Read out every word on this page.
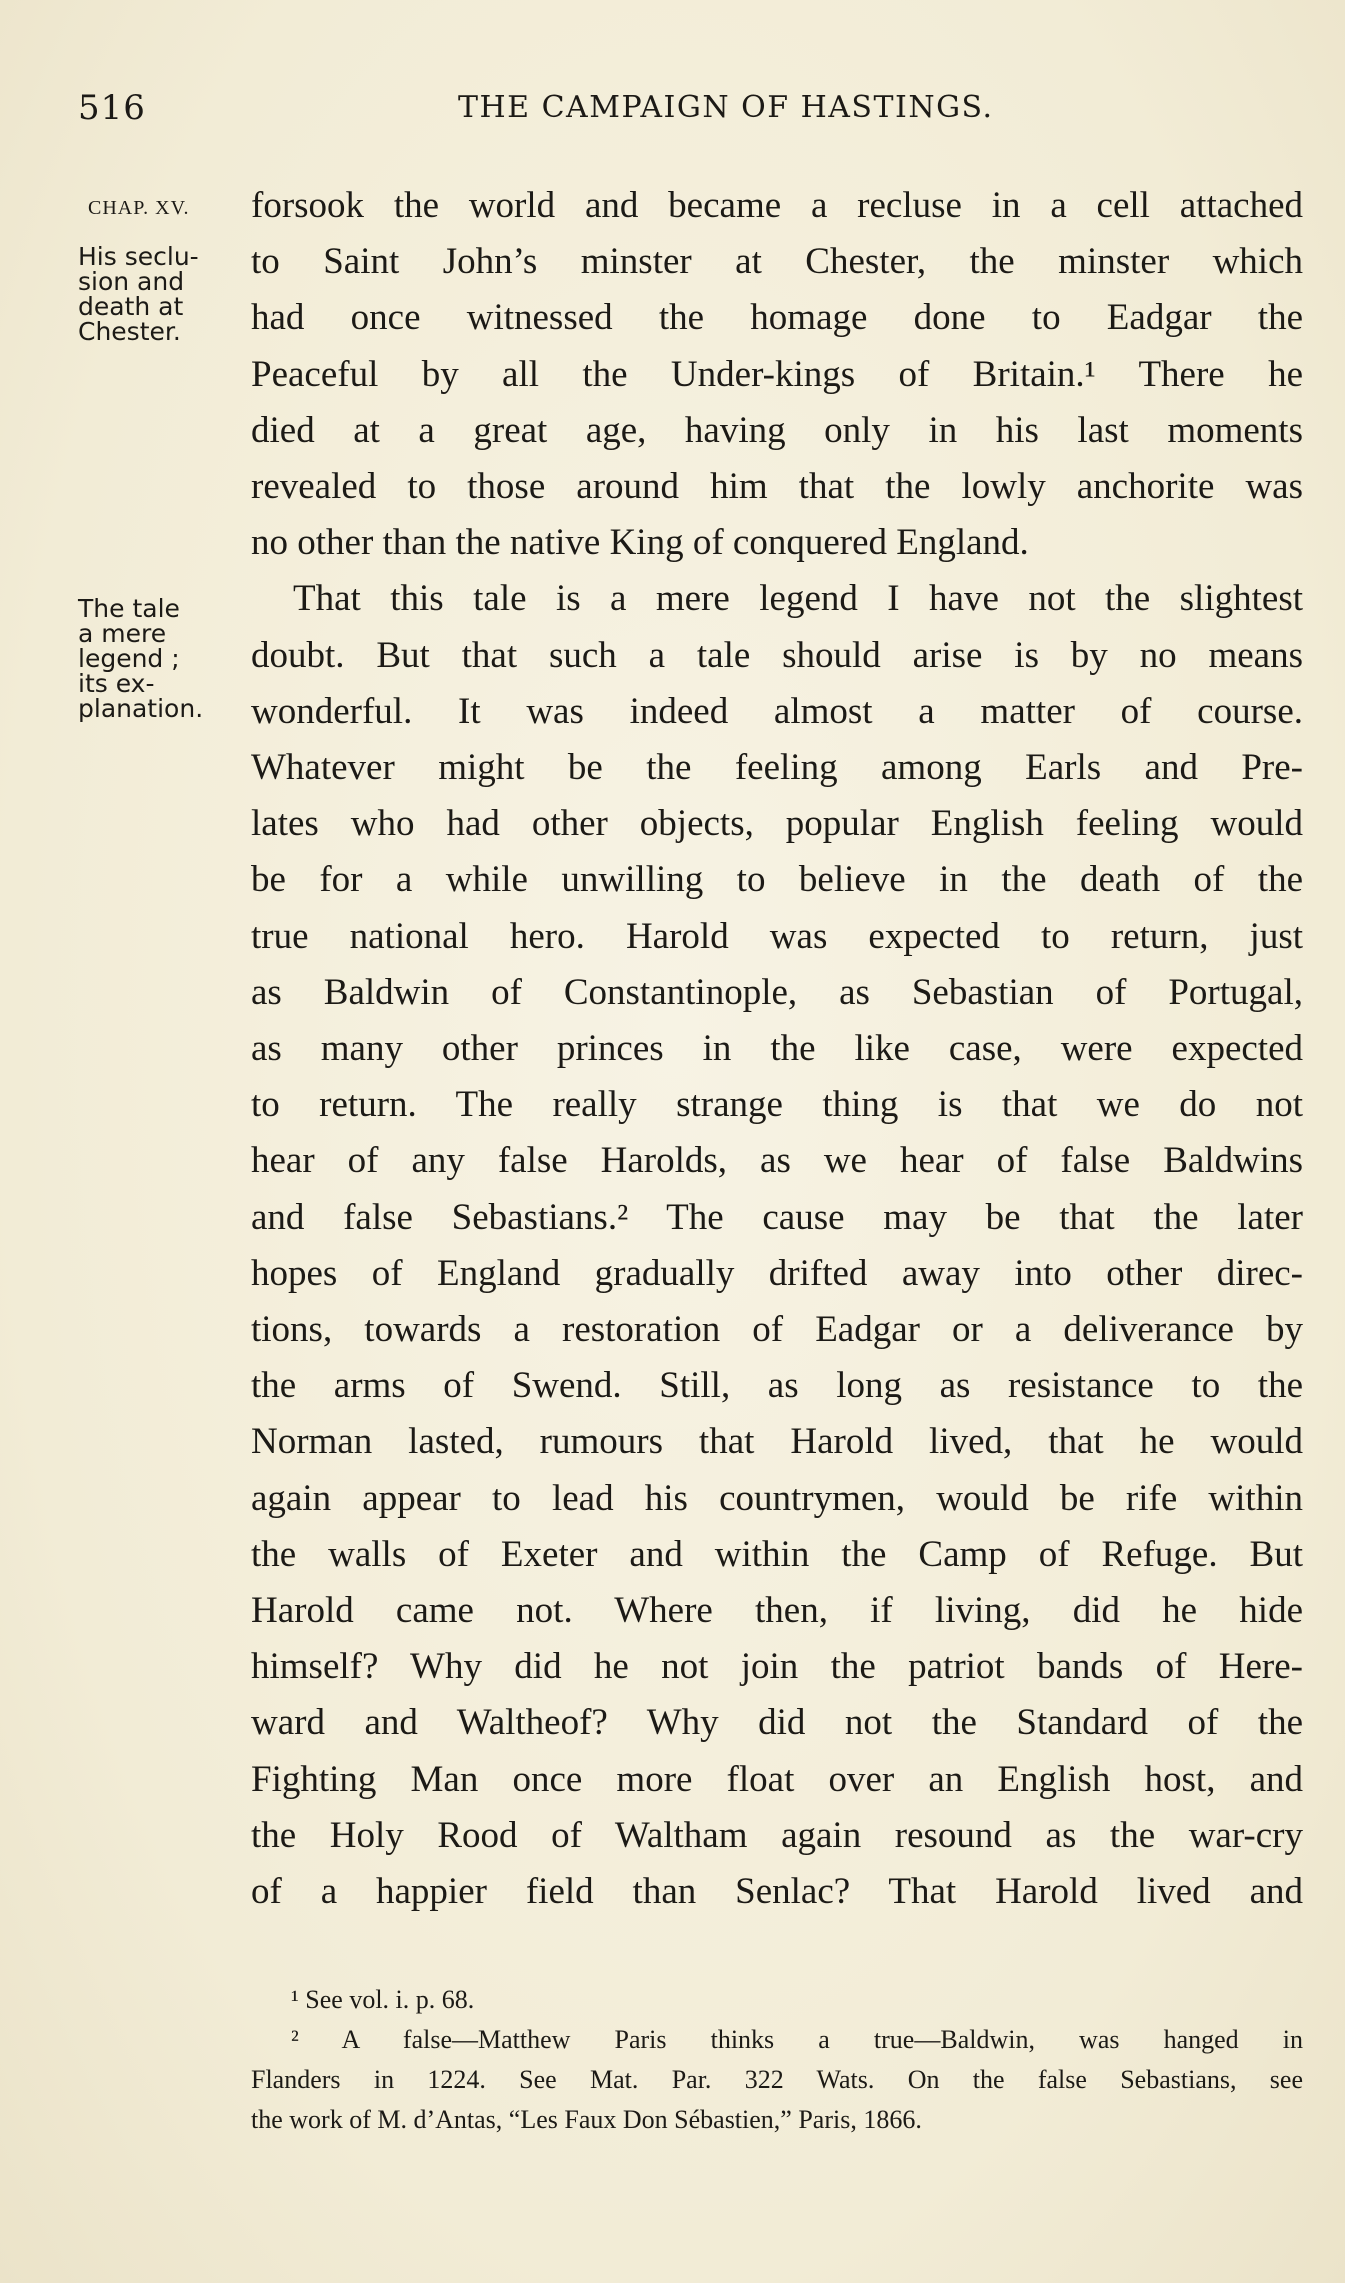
516	THE CAMPAIGN OF HASTINGS.
CHAP. XV.
His seclu-
sion and
death at
Chester.
The tale
a mere
legend ;
its ex-
planation.
forsook the world and became a recluse in a cell attached
to Saint John’s minster at Chester, the minster which
had once witnessed the homage done to Eadgar the
Peaceful by all the Under-kings of Britain.¹ There he
died at a great age, having only in his last moments
revealed to those around him that the lowly anchorite was
no other than the native King of conquered England.
That this tale is a mere legend I have not the slightest
doubt. But that such a tale should arise is by no means
wonderful. It was indeed almost a matter of course.
Whatever might be the feeling among Earls and Pre-
lates who had other objects, popular English feeling would
be for a while unwilling to believe in the death of the
true national hero. Harold was expected to return, just
as Baldwin of Constantinople, as Sebastian of Portugal,
as many other princes in the like case, were expected
to return. The really strange thing is that we do not
hear of any false Harolds, as we hear of false Baldwins
and false Sebastians.² The cause may be that the later
hopes of England gradually drifted away into other direc-
tions, towards a restoration of Eadgar or a deliverance by
the arms of Swend. Still, as long as resistance to the
Norman lasted, rumours that Harold lived, that he would
again appear to lead his countrymen, would be rife within
the walls of Exeter and within the Camp of Refuge. But
Harold came not. Where then, if living, did he hide
himself? Why did he not join the patriot bands of Here-
ward and Waltheof? Why did not the Standard of the
Fighting Man once more float over an English host, and
the Holy Rood of Waltham again resound as the war-cry
of a happier field than Senlac? That Harold lived and
¹ See vol. i. p. 68.
² A false—Matthew Paris thinks a true—Baldwin, was hanged in
Flanders in 1224. See Mat. Par. 322 Wats. On the false Sebastians, see
the work of M. d’Antas, “Les Faux Don Sébastien,” Paris, 1866.
